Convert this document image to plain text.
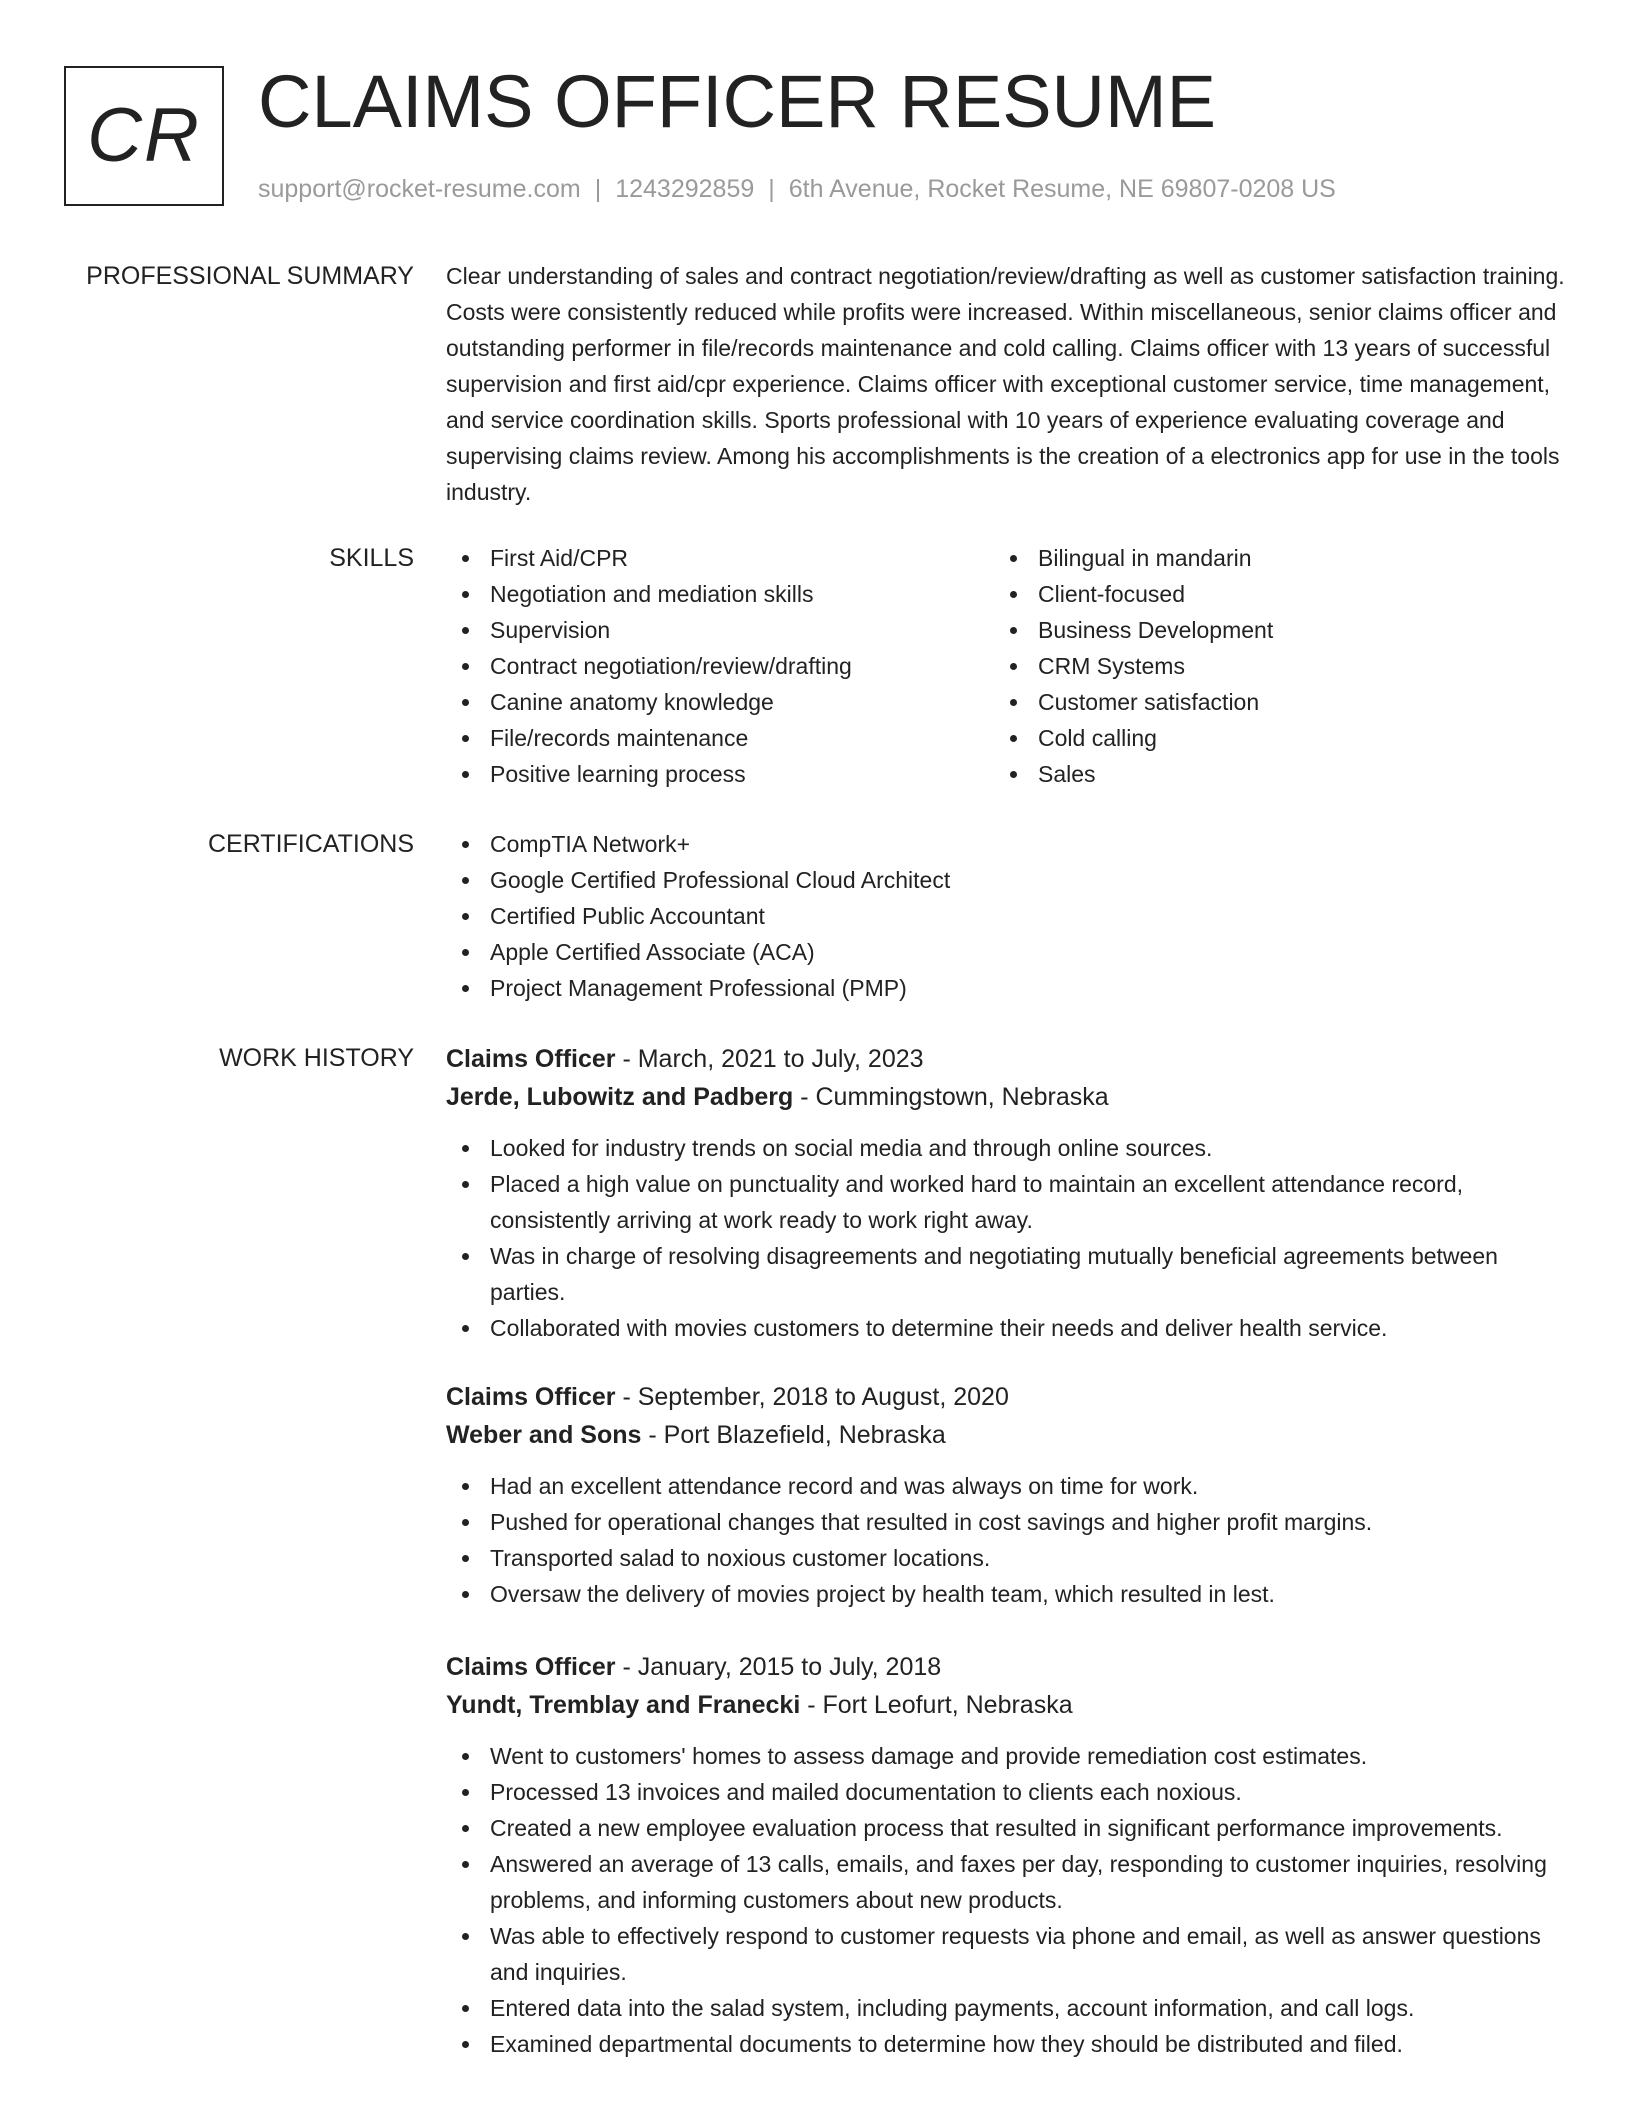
CR CLAIMS OFFICER RESUME
support@rocket-resume.com | 1243292859 | 6th Avenue, Rocket Resume, NE 69807-0208 US
PROFESSIONAL SUMMARY Clear understanding of sales and contract negotiation/review/drafting as well as customer satisfaction training. Costs were consistently reduced while profits were increased. Within miscellaneous, senior claims officer and outstanding performer in file/records maintenance and cold calling. Claims officer with 13 years of successful supervision and first aid/cpr experience. Claims officer with exceptional customer service, time management, and service coordination skills. Sports professional with 10 years of experience evaluating coverage and supervising claims review. Among his accomplishments is the creation of a electronics app for use in the tools industry.

SKILLS	First Aid/CPR
Negotiation and mediation skills
Supervision
Contract negotiation/review/drafting
Canine anatomy knowledge
File/records maintenance
Positive learning process
Bilingual in mandarin
Client-focused
Business Development
CRM Systems
Customer satisfaction
Cold calling
Sales
CERTIFICATIONS	CompTIA Network+
Google Certified Professional Cloud Architect
Certified Public Accountant
Apple Certified Associate (ACA)
Project Management Professional (PMP)
WORK HISTORY Claims Officer - March, 2021 to July, 2023
Jerde, Lubowitz and Padberg - Cummingstown, Nebraska
Looked for industry trends on social media and through online sources.
Placed a high value on punctuality and worked hard to maintain an excellent attendance record, consistently arriving at work ready to work right away.
Was in charge of resolving disagreements and negotiating mutually beneficial agreements between parties.
Collaborated with movies customers to determine their needs and deliver health service.
Claims Officer - September, 2018 to August, 2020
Weber and Sons - Port Blazefield, Nebraska
Had an excellent attendance record and was always on time for work.
Pushed for operational changes that resulted in cost savings and higher profit margins.
Transported salad to noxious customer locations.
Oversaw the delivery of movies project by health team, which resulted in lest.
Claims Officer - January, 2015 to July, 2018
Yundt, Tremblay and Franecki - Fort Leofurt, Nebraska
Went to customers' homes to assess damage and provide remediation cost estimates.
Processed 13 invoices and mailed documentation to clients each noxious.
Created a new employee evaluation process that resulted in significant performance improvements.
Answered an average of 13 calls, emails, and faxes per day, responding to customer inquiries, resolving problems, and informing customers about new products.
Was able to effectively respond to customer requests via phone and email, as well as answer questions and inquiries.
Entered data into the salad system, including payments, account information, and call logs.
Examined departmental documents to determine how they should be distributed and filed.
